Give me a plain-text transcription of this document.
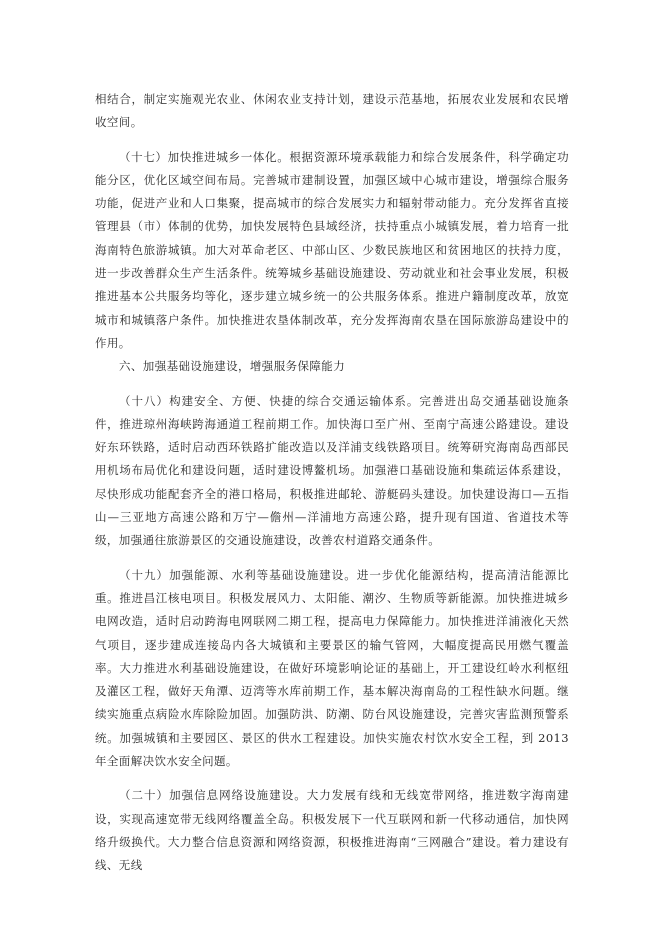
相结合，制定实施观光农业、休闲农业支持计划，建设示范基地，拓展农业发展和农民增收空间。

（十七）加快推进城乡一体化。根据资源环境承载能力和综合发展条件，科学确定功能分区，优化区域空间布局。完善城市建制设置，加强区域中心城市建设，增强综合服务功能，促进产业和人口集聚，提高城市的综合发展实力和辐射带动能力。充分发挥省直接管理县（市）体制的优势，加快发展特色县域经济，扶持重点小城镇发展，着力培育一批海南特色旅游城镇。加大对革命老区、中部山区、少数民族地区和贫困地区的扶持力度，进一步改善群众生产生活条件。统筹城乡基础设施建设、劳动就业和社会事业发展，积极推进基本公共服务均等化，逐步建立城乡统一的公共服务体系。推进户籍制度改革，放宽城市和城镇落户条件。加快推进农垦体制改革，充分发挥海南农垦在国际旅游岛建设中的作用。

六、加强基础设施建设，增强服务保障能力

（十八）构建安全、方便、快捷的综合交通运输体系。完善进出岛交通基础设施条件，推进琼州海峡跨海通道工程前期工作。加快海口至广州、至南宁高速公路建设。建设好东环铁路，适时启动西环铁路扩能改造以及洋浦支线铁路项目。统筹研究海南岛西部民用机场布局优化和建设问题，适时建设博鳌机场。加强港口基础设施和集疏运体系建设，尽快形成功能配套齐全的港口格局，积极推进邮轮、游艇码头建设。加快建设海口—五指山—三亚地方高速公路和万宁—儋州—洋浦地方高速公路，提升现有国道、省道技术等级，加强通往旅游景区的交通设施建设，改善农村道路交通条件。

（十九）加强能源、水利等基础设施建设。进一步优化能源结构，提高清洁能源比重。推进昌江核电项目。积极发展风力、太阳能、潮汐、生物质等新能源。加快推进城乡电网改造，适时启动跨海电网联网二期工程，提高电力保障能力。加快推进洋浦液化天然气项目，逐步建成连接岛内各大城镇和主要景区的输气管网，大幅度提高民用燃气覆盖率。大力推进水利基础设施建设，在做好环境影响论证的基础上，开工建设红岭水利枢纽及灌区工程，做好天角潭、迈湾等水库前期工作，基本解决海南岛的工程性缺水问题。继续实施重点病险水库除险加固。加强防洪、防潮、防台风设施建设，完善灾害监测预警系统。加强城镇和主要园区、景区的供水工程建设。加快实施农村饮水安全工程，到 2013 年全面解决饮水安全问题。

（二十）加强信息网络设施建设。大力发展有线和无线宽带网络，推进数字海南建设，实现高速宽带无线网络覆盖全岛。积极发展下一代互联网和新一代移动通信，加快网络升级换代。大力整合信息资源和网络资源，积极推进海南“三网融合”建设。着力建设有线、无线
